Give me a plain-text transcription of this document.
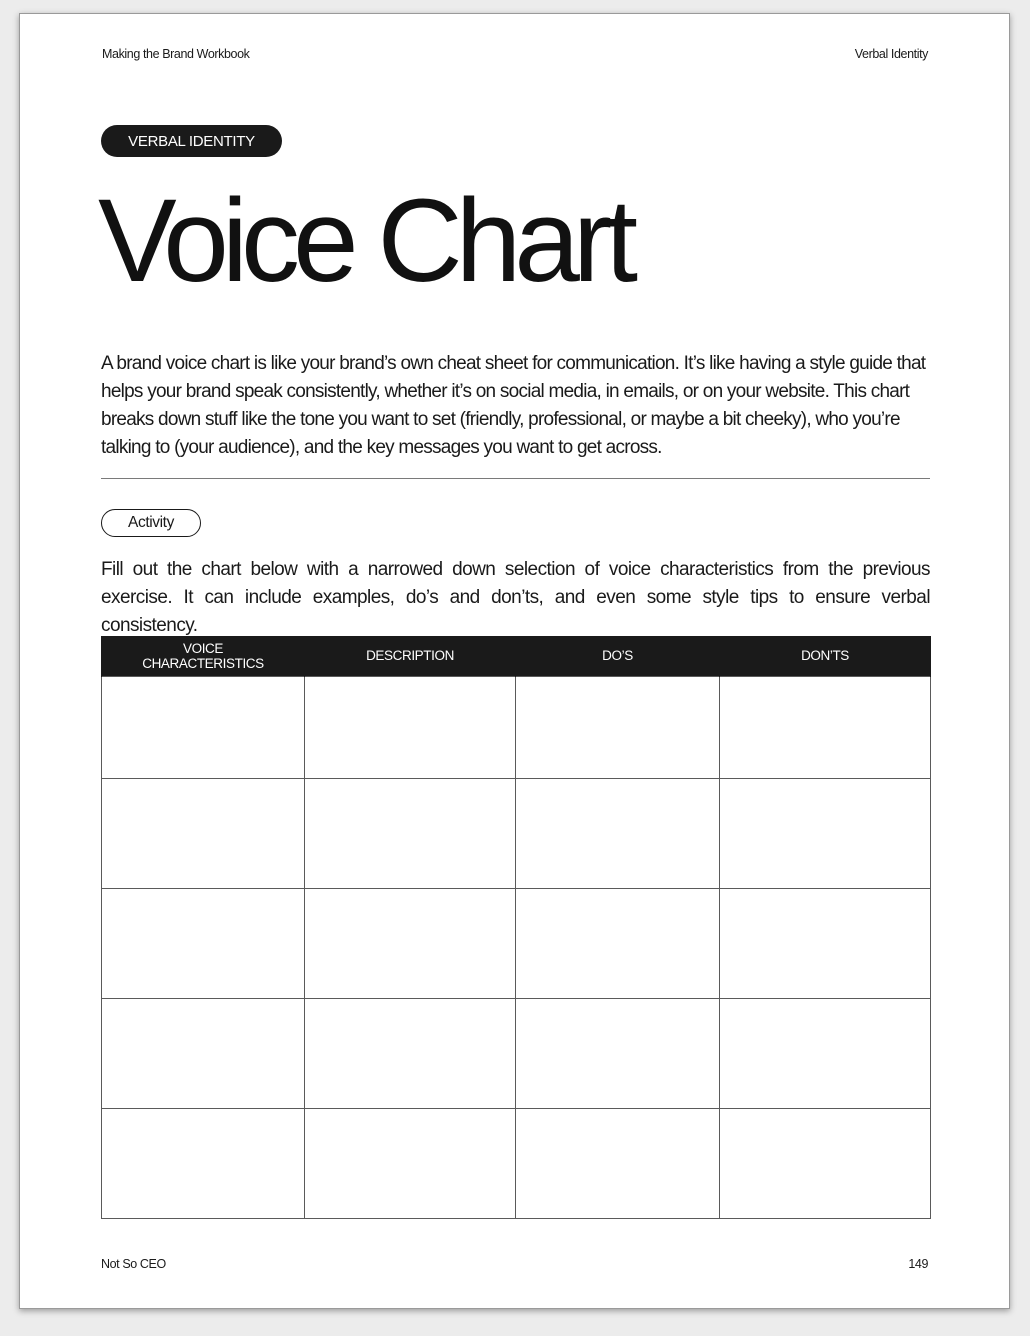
Making the Brand Workbook	Verbal Identity
VERBAL IDENTITY
Voice Chart

A brand voice chart is like your brand’s own cheat sheet for communication. It’s like having a style guide that helps your brand speak consistently, whether it’s on social media, in emails, or on your website. This chart breaks down stuff like the tone you want to set (friendly, professional, or maybe a bit cheeky), who you’re talking to (your audience), and the key messages you want to get across.

Activity

Fill out the chart below with a narrowed down selection of voice characteristics from the previous exercise. It can include examples, do’s and don’ts, and even some style tips to ensure verbal consistency.

VOICE
CHARACTERISTICS	DESCRIPTION	DO’S	DON’TS

Not So CEO	149
